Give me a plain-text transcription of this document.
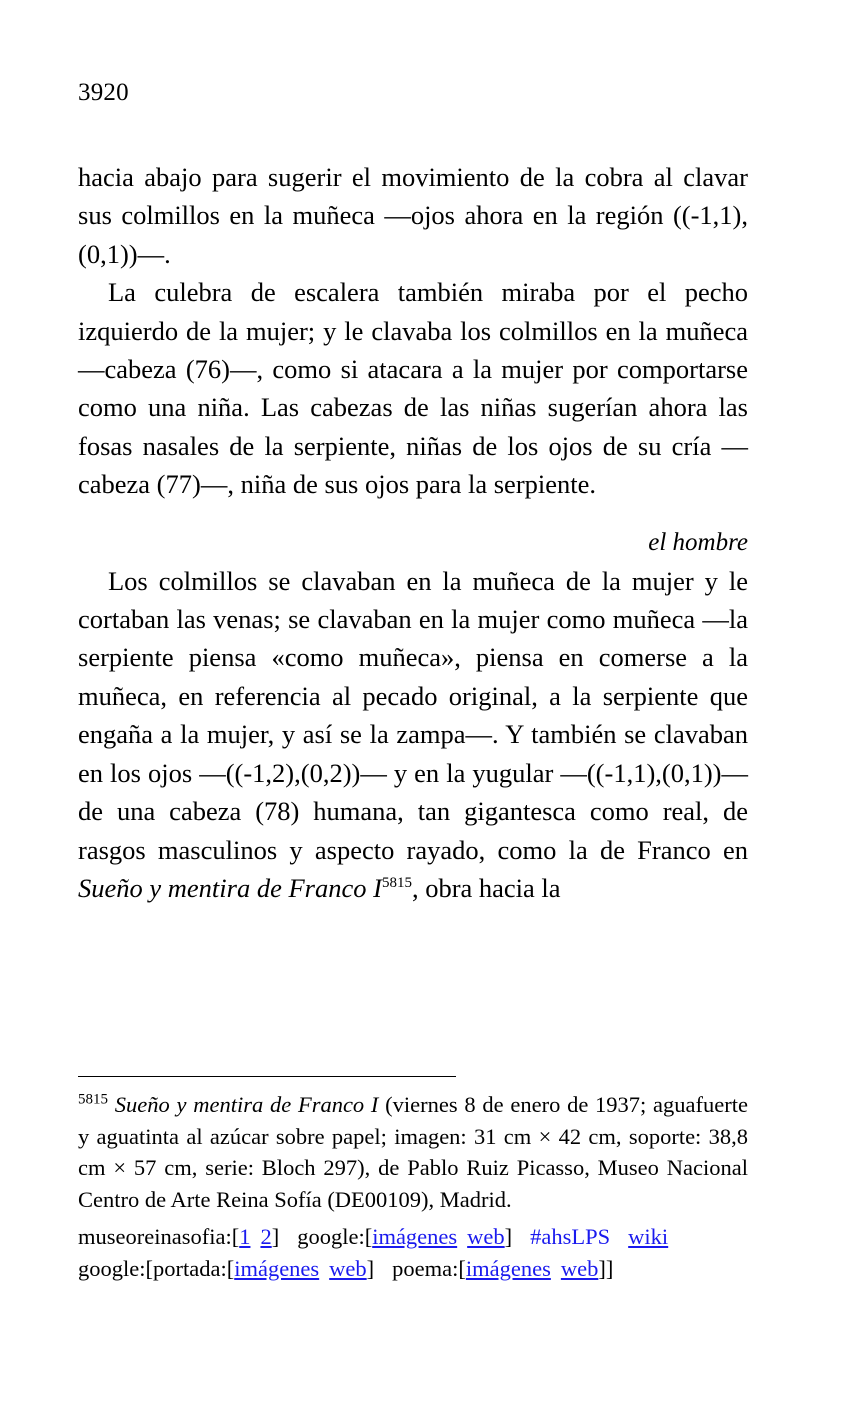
3920

hacia abajo para sugerir el movimiento de la cobra al clavar sus colmillos en la muñeca —ojos ahora en la región ((-1,1),(0,1))—.

La culebra de escalera también miraba por el pecho izquierdo de la mujer; y le clavaba los colmillos en la muñeca —cabeza (76)—, como si atacara a la mujer por comportarse como una niña. Las cabezas de las niñas sugerían ahora las fosas nasales de la serpiente, niñas de los ojos de su cría —cabeza (77)—, niña de sus ojos para la serpiente.

el hombre

Los colmillos se clavaban en la muñeca de la mujer y le cortaban las venas; se clavaban en la mujer como muñeca —la serpiente piensa «como muñeca», piensa en comerse a la muñeca, en referencia al pecado original, a la serpiente que engaña a la mujer, y así se la zampa—. Y también se clavaban en los ojos —((-1,2),(0,2))— y en la yugular —((-1,1),(0,1))— de una cabeza (78) humana, tan gigantesca como real, de rasgos masculinos y aspecto rayado, como la de Franco en Sueño y mentira de Franco $I^{5815}$, obra hacia la

$^{5815}$ Sueño y mentira de Franco I (viernes 8 de enero de 1937; aguafuerte y aguatinta al azúcar sobre papel; imagen: 31 cm × 42 cm, soporte: 38,8 cm × 57 cm, serie: Bloch 297), de Pablo Ruiz Picasso, Museo Nacional Centro de Arte Reina Sofía (DE00109), Madrid.

museoreinasofia:[1 2] google:[imágenes web] #ahsLPS wiki

google:[portada:[imágenes web] poema:[imágenes web]]
